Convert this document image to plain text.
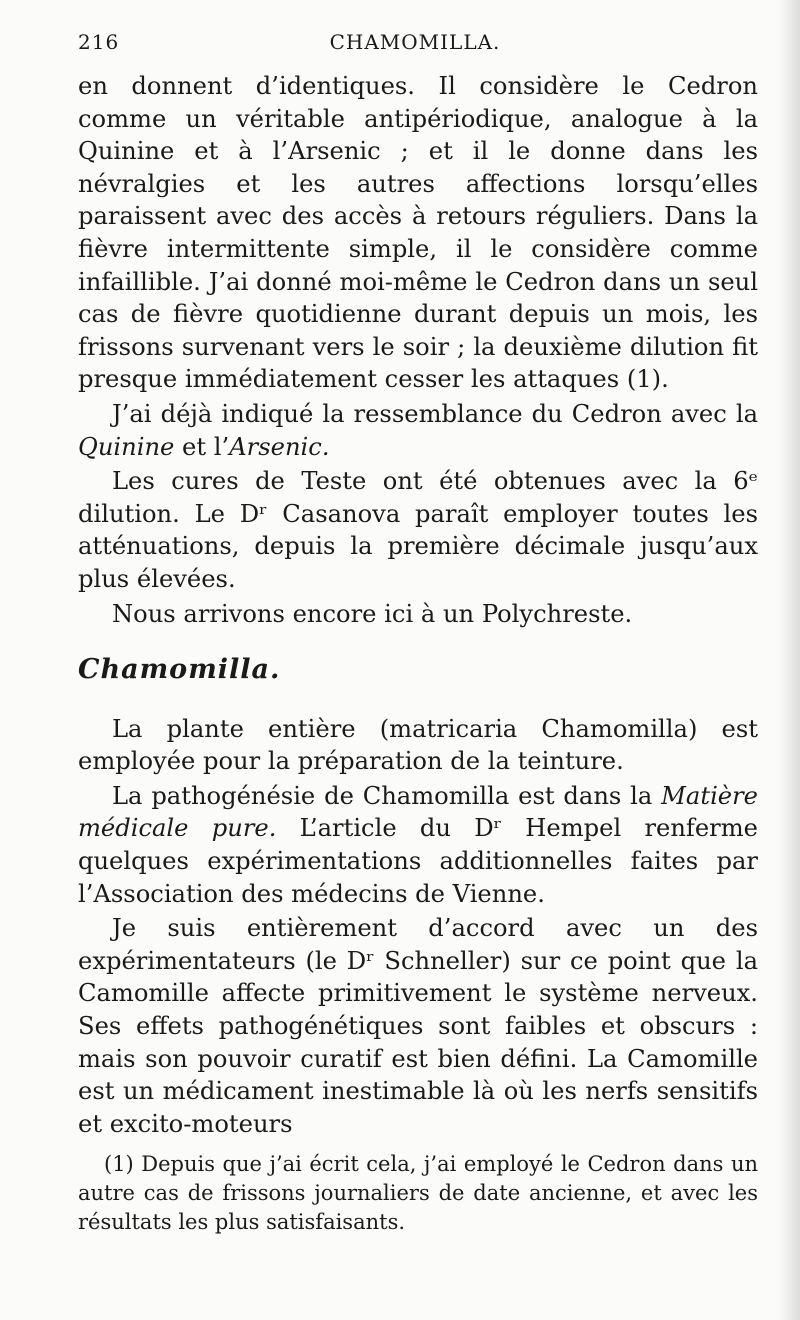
CHAMOMILLA.
216

en donnent d’identiques. Il considère le Cedron comme un véritable antipériodique, analogue à la Quinine et à l’Arsenic ; et il le donne dans les névralgies et les autres affections lorsqu’elles paraissent avec des accès à retours réguliers. Dans la fièvre intermittente simple, il le considère comme infaillible. J’ai donné moi-même le Cedron dans un seul cas de fièvre quotidienne durant depuis un mois, les frissons survenant vers le soir ; la deuxième dilution fit presque immédiatement cesser les attaques (1).

J’ai déjà indiqué la ressemblance du Cedron avec la Quinine et l’Arsenic.

Les cures de Teste ont été obtenues avec la 6ᵉ dilution. Le Dʳ Casanova paraît employer toutes les atténuations, depuis la première décimale jusqu’aux plus élevées.

Nous arrivons encore ici à un Polychreste.

Chamomilla.

La plante entière (matricaria Chamomilla) est employée pour la préparation de la teinture.

La pathogénésie de Chamomilla est dans la Matière médicale pure. L’article du Dʳ Hempel renferme quelques expérimentations additionnelles faites par l’Association des médecins de Vienne.

Je suis entièrement d’accord avec un des expérimentateurs (le Dʳ Schneller) sur ce point que la Camomille affecte primitivement le système nerveux. Ses effets pathogénétiques sont faibles et obscurs : mais son pouvoir curatif est bien défini. La Camomille est un médicament inestimable là où les nerfs sensitifs et excito-moteurs

(1) Depuis que j’ai écrit cela, j’ai employé le Cedron dans un autre cas de frissons journaliers de date ancienne, et avec les résultats les plus satisfaisants.
